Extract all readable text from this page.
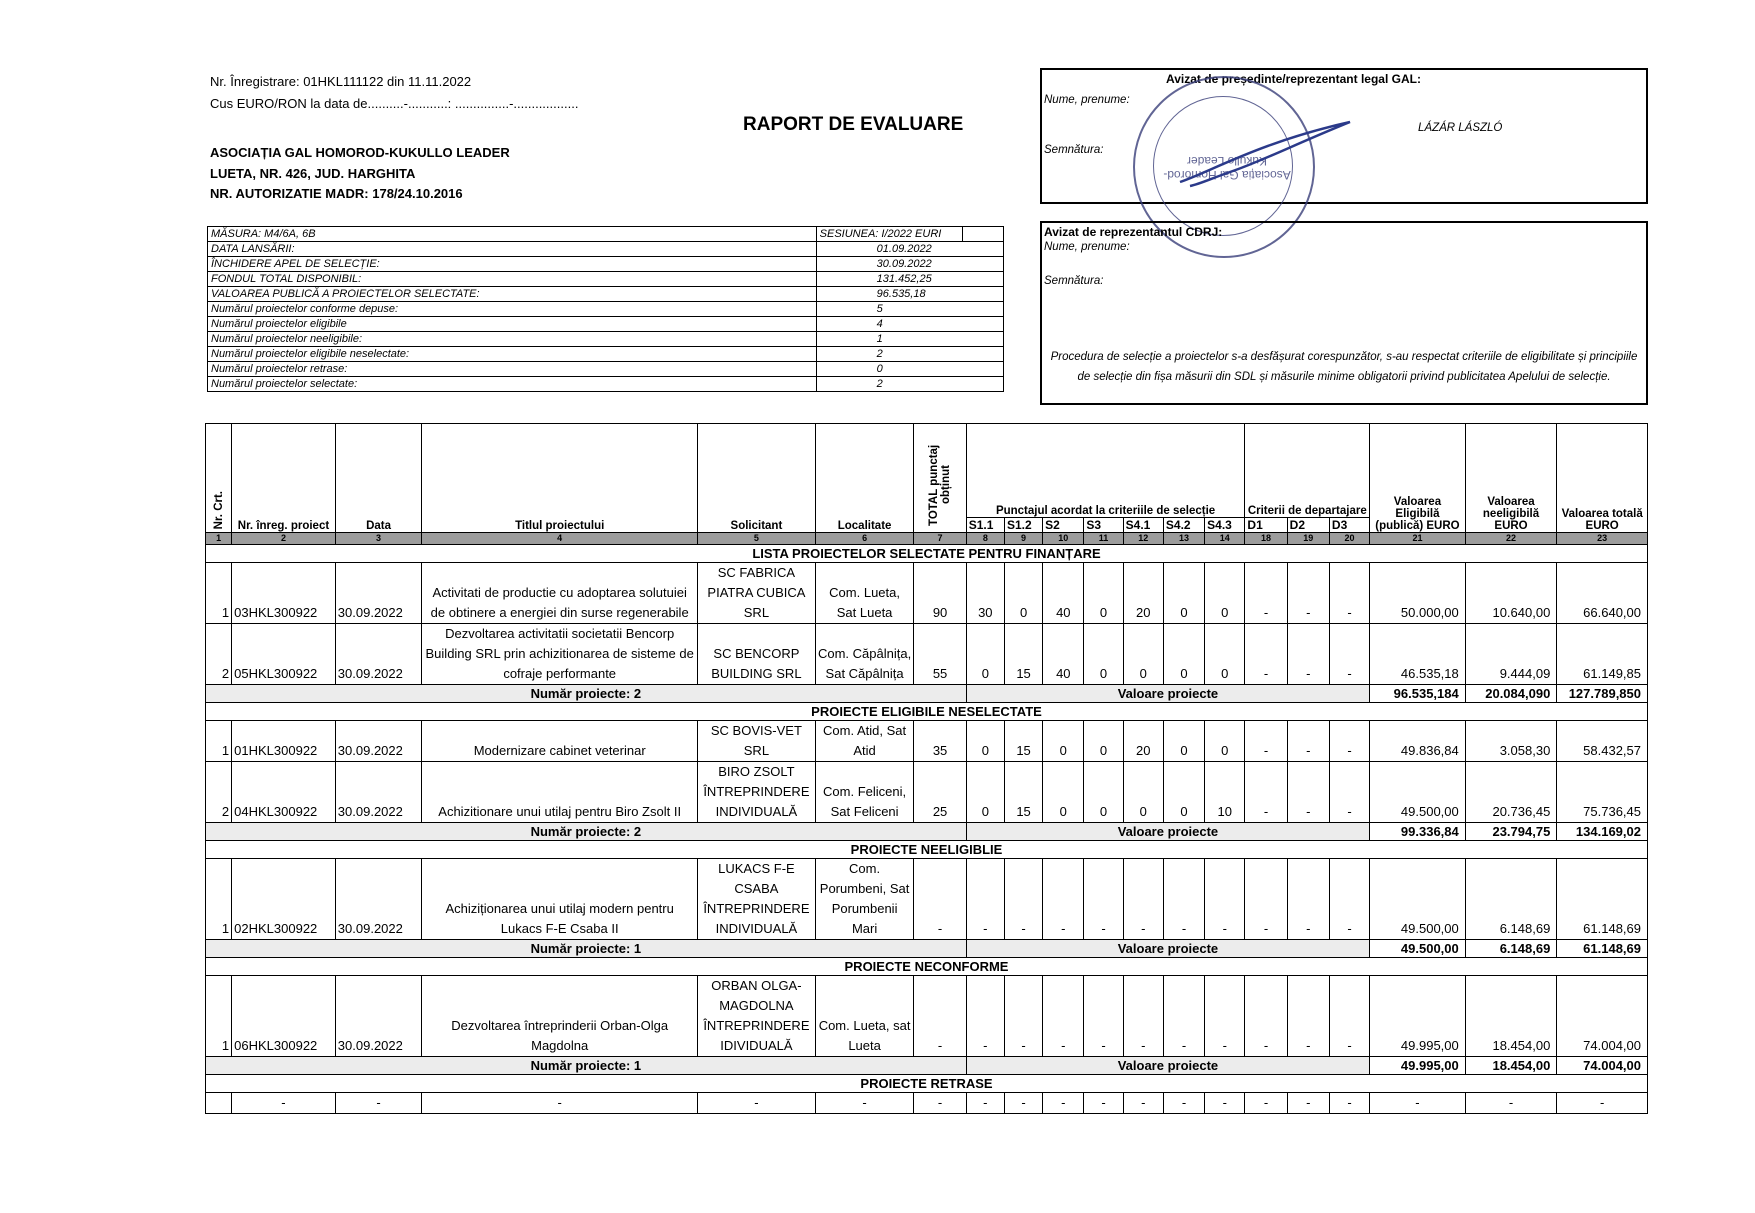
Nr. Înregistrare: 01HKL111122 din 11.11.2022
Cus EURO/RON la data de..........-...........: ...............-..................
RAPORT DE EVALUARE
ASOCIAȚIA GAL HOMOROD-KUKULLO LEADER
LUETA, NR. 426, JUD. HARGHITA
NR. AUTORIZATIE MADR: 178/24.10.2016
MĂSURA: M4/6A, 6B	SESIUNEA: I/2022 EURI	
DATA LANSĂRII:	01.09.2022	
ÎNCHIDERE APEL DE SELECȚIE:	30.09.2022	
FONDUL TOTAL DISPONIBIL:	131.452,25	
VALOAREA PUBLICĂ A PROIECTELOR SELECTATE:	96.535,18	
Numărul proiectelor conforme depuse:	5	
Numărul proiectelor eligibile	4	
Numărul proiectelor neeligibile:	1	
Numărul proiectelor eligibile neselectate:	2	
Numărul proiectelor retrase:	0	
Numărul proiectelor selectate:	2	
Avizat de președinte/reprezentant legal GAL:
Nume, prenume:
LÁZÁR LÁSZLÓ
Semnătura:
Asociația Gal Homorod-Kukullo Leader
Avizat de reprezentantul CDRJ:
Nume, prenume:
Semnătura:
Procedura de selecție a proiectelor s-a desfășurat corespunzător, s-au respectat criteriile de eligibilitate și principiile de selecție din fișa măsurii din SDL și măsurile minime obligatorii privind publicitatea Apelului de selecție.
Nr. Crt.	Nr. înreg. proiect	Data	Titlul proiectului	Solicitant	Localitate	TOTAL punctaj obținut	Punctajul acordat la criteriile de selecție							Criterii de departajare			Valoarea Eligibilă (publică) EURO	Valoarea neeligibilă EURO	Valoarea totală EURO
							S1.1	S1.2	S2	S3	S4.1	S4.2	S4.3	D1	D2	D3			
1	2	3	4	5	6	7	8	9	10	11	12	13	14	18	19	20	21	22	23
LISTA PROIECTELOR SELECTATE PENTRU FINANȚARE																			
1	03HKL300922	30.09.2022	Activitati de productie cu adoptarea solutuiei de obtinere a energiei din surse regenerabile	SC FABRICA PIATRA CUBICA SRL	Com. Lueta, Sat Lueta	90	30	0	40	0	20	0	0	-	-	-	50.000,00	10.640,00	66.640,00
2	05HKL300922	30.09.2022	Dezvoltarea activitatii societatii Bencorp Building SRL prin achizitionarea de sisteme de cofraje performante	SC BENCORP BUILDING SRL	Com. Căpâlnița, Sat Căpâlnița	55	0	15	40	0	0	0	0	-	-	-	46.535,18	9.444,09	61.149,85
Număr proiecte: 2							Valoare proiecte										96.535,184	20.084,090	127.789,850
PROIECTE ELIGIBILE NESELECTATE																			
1	01HKL300922	30.09.2022	Modernizare cabinet veterinar	SC BOVIS-VET SRL	Com. Atid, Sat Atid	35	0	15	0	0	20	0	0	-	-	-	49.836,84	3.058,30	58.432,57
2	04HKL300922	30.09.2022	Achizitionare unui utilaj pentru Biro Zsolt II	BIRO ZSOLT ÎNTREPRINDERE INDIVIDUALĂ	Com. Feliceni, Sat Feliceni	25	0	15	0	0	0	0	10	-	-	-	49.500,00	20.736,45	75.736,45
Număr proiecte: 2							Valoare proiecte										99.336,84	23.794,75	134.169,02
PROIECTE NEELIGIBLIE																			
1	02HKL300922	30.09.2022	Achiziționarea unui utilaj modern pentru Lukacs F-E Csaba II	LUKACS F-E CSABA ÎNTREPRINDERE INDIVIDUALĂ	Com. Porumbeni, Sat Porumbenii Mari	-	-	-	-	-	-	-	-	-	-	-	49.500,00	6.148,69	61.148,69
Număr proiecte: 1							Valoare proiecte										49.500,00	6.148,69	61.148,69
PROIECTE NECONFORME																			
1	06HKL300922	30.09.2022	Dezvoltarea întreprinderii Orban-Olga Magdolna	ORBAN OLGA-MAGDOLNA ÎNTREPRINDERE IDIVIDUALĂ	Com. Lueta, sat Lueta	-	-	-	-	-	-	-	-	-	-	-	49.995,00	18.454,00	74.004,00
Număr proiecte: 1							Valoare proiecte										49.995,00	18.454,00	74.004,00
PROIECTE RETRASE																			
	-	-	-	-	-	-	-	-	-	-	-	-	-	-	-	-	-	-	-
